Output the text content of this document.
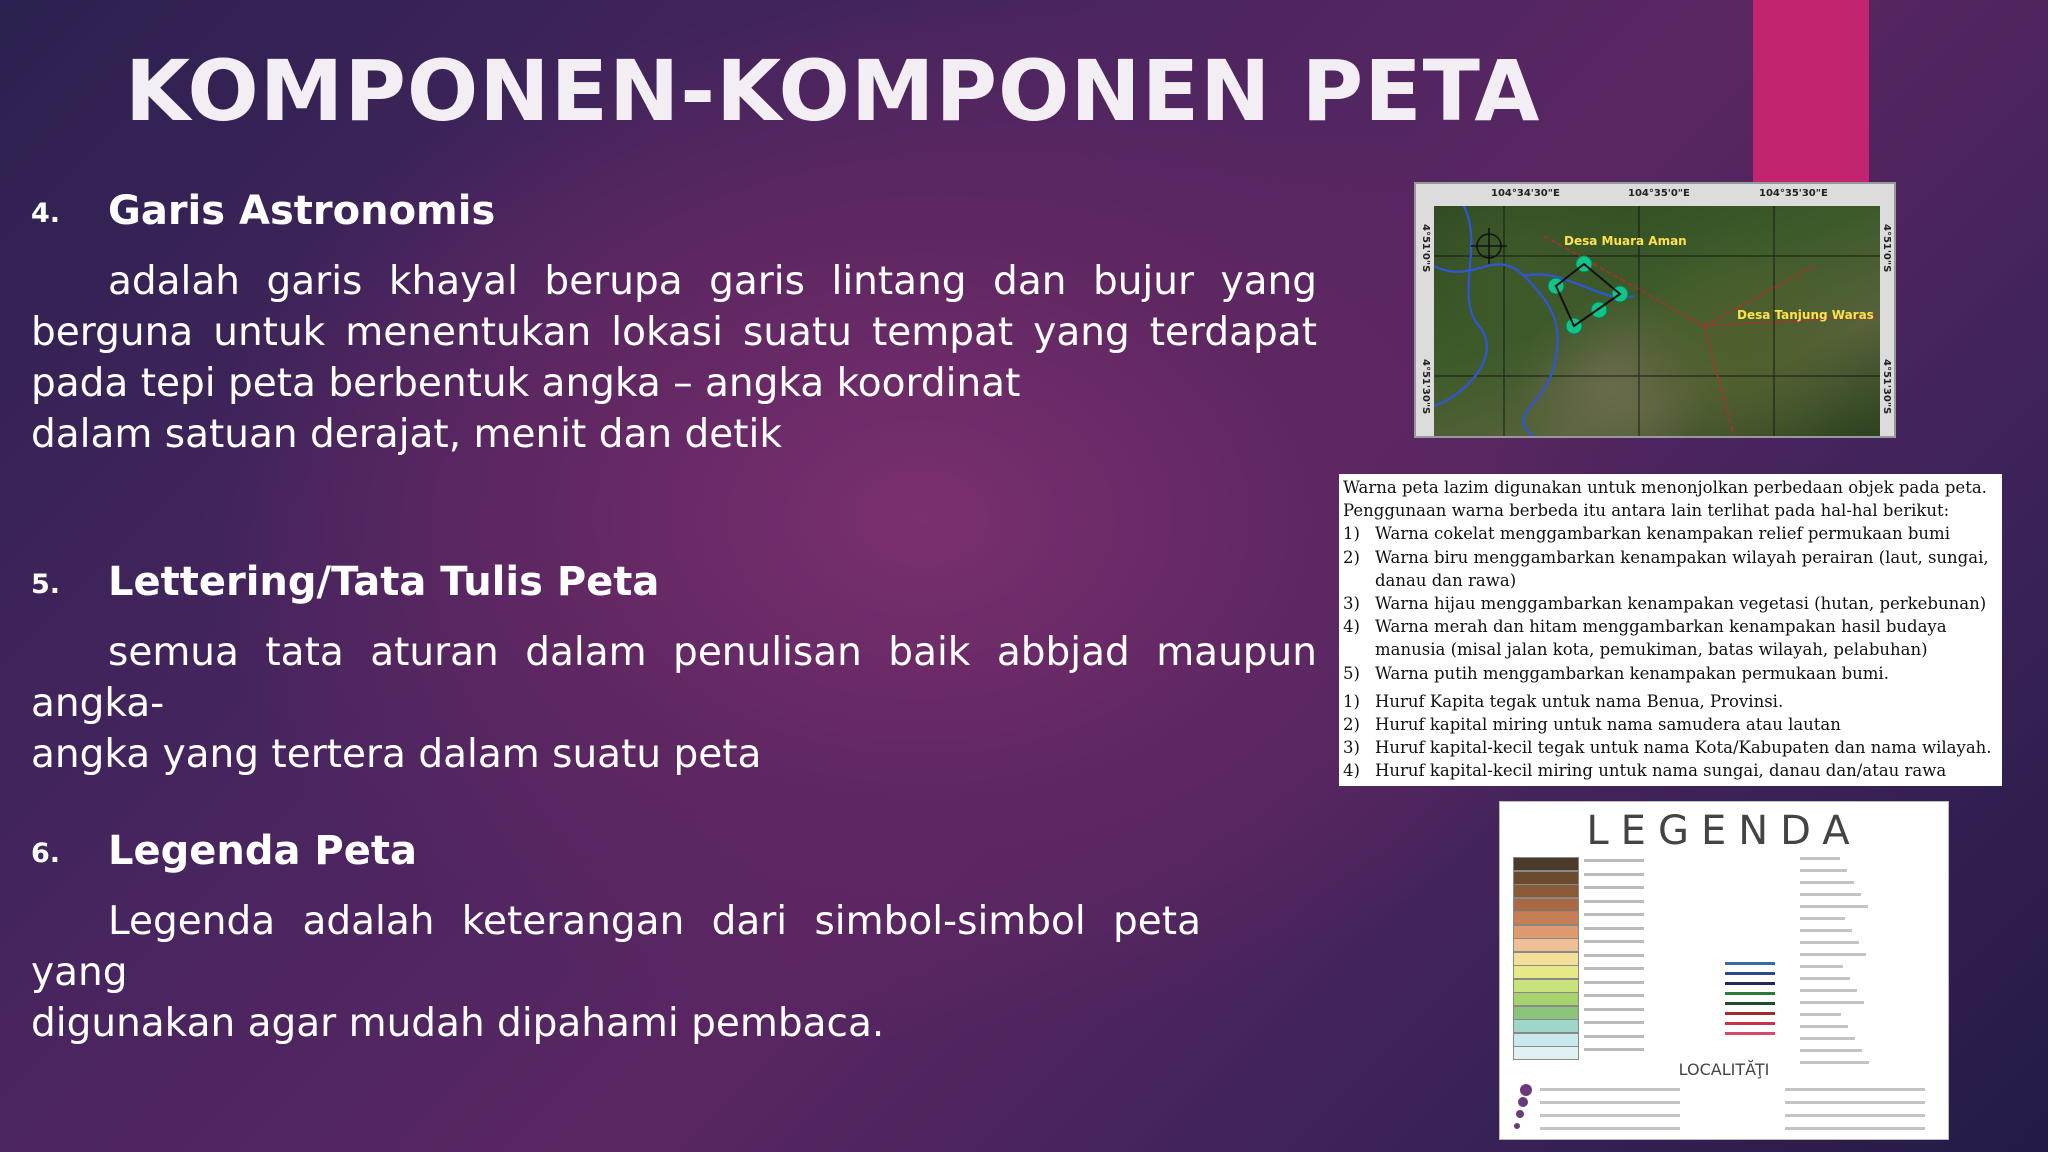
KOMPONEN-KOMPONEN PETA
4. Garis Astronomis
adalah garis khayal berupa garis lintang dan bujur yang berguna untuk menentukan lokasi suatu tempat yang terdapat pada tepi peta berbentuk angka – angka koordinat
dalam satuan derajat, menit dan detik
5. Lettering/Tata Tulis Peta
semua tata aturan dalam penulisan baik abbjad maupun angka-
angka yang tertera dalam suatu peta
6. Legenda Peta
Legenda adalah keterangan dari simbol-simbol peta yang
digunakan agar mudah dipahami pembaca.
104°34'30"E	104°35'0"E	104°35'30"E
Desa Muara Aman
Desa Tanjung Waras
4°51'0"S
4°51'30"S
4°51'0"S
4°51'30"S
Warna peta lazim digunakan untuk menonjolkan perbedaan objek pada peta.
Penggunaan warna berbeda itu antara lain terlihat pada hal-hal berikut:
1) Warna cokelat menggambarkan kenampakan relief permukaan bumi
2) Warna biru menggambarkan kenampakan wilayah perairan (laut, sungai,
danau dan rawa)
3) Warna hijau menggambarkan kenampakan vegetasi (hutan, perkebunan)
4) Warna merah dan hitam menggambarkan kenampakan hasil budaya
manusia (misal jalan kota, pemukiman, batas wilayah, pelabuhan)
5) Warna putih menggambarkan kenampakan permukaan bumi.
1) Huruf Kapita tegak untuk nama Benua, Provinsi.
2) Huruf kapital miring untuk nama samudera atau lautan
3) Huruf kapital-kecil tegak untuk nama Kota/Kabupaten dan nama wilayah.
4) Huruf kapital-kecil miring untuk nama sungai, danau dan/atau rawa
LEGENDA
LOCALITĂŢI
